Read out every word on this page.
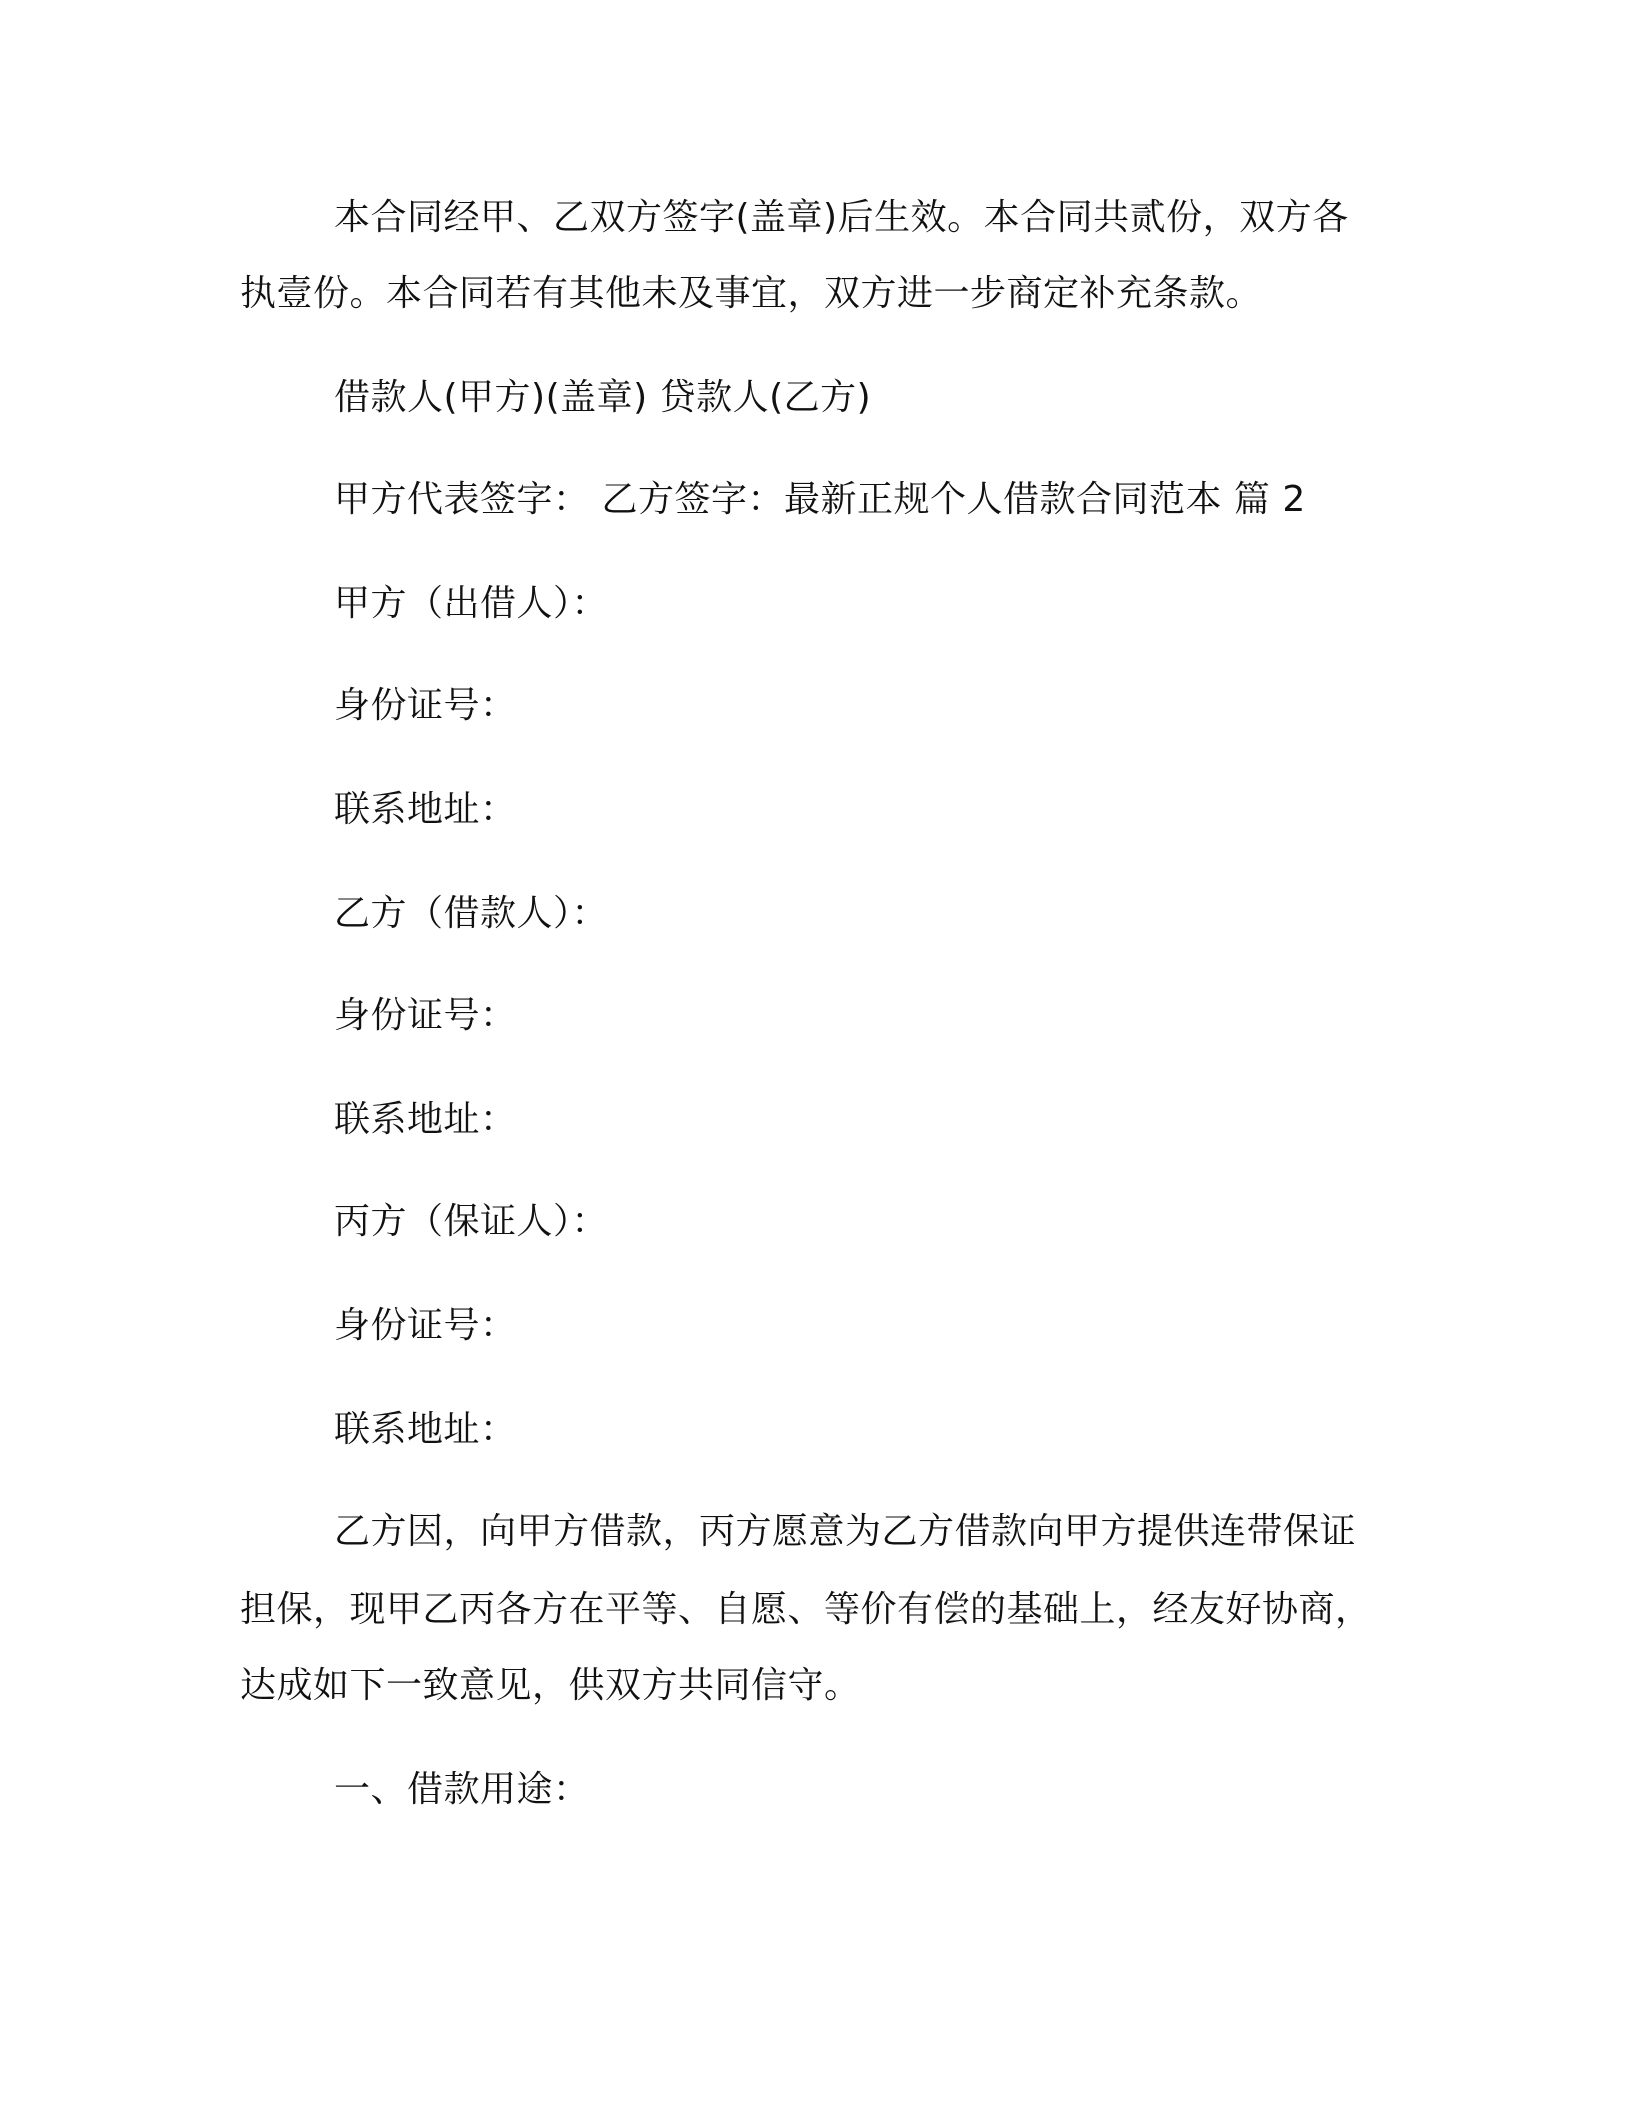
本合同经甲、乙双方签字(盖章)后生效。本合同共贰份，双方各

执壹份。本合同若有其他未及事宜，双方进一步商定补充条款。

借款人(甲方)(盖章) 贷款人(乙方)

甲方代表签字： 乙方签字：最新正规个人借款合同范本 篇 2

甲方（出借人）：

身份证号：

联系地址：

乙方（借款人）：

身份证号：

联系地址：

丙方（保证人）：

身份证号：

联系地址：

乙方因，向甲方借款，丙方愿意为乙方借款向甲方提供连带保证

担保，现甲乙丙各方在平等、自愿、等价有偿的基础上，经友好协商，

达成如下一致意见，供双方共同信守。

一、借款用途：
